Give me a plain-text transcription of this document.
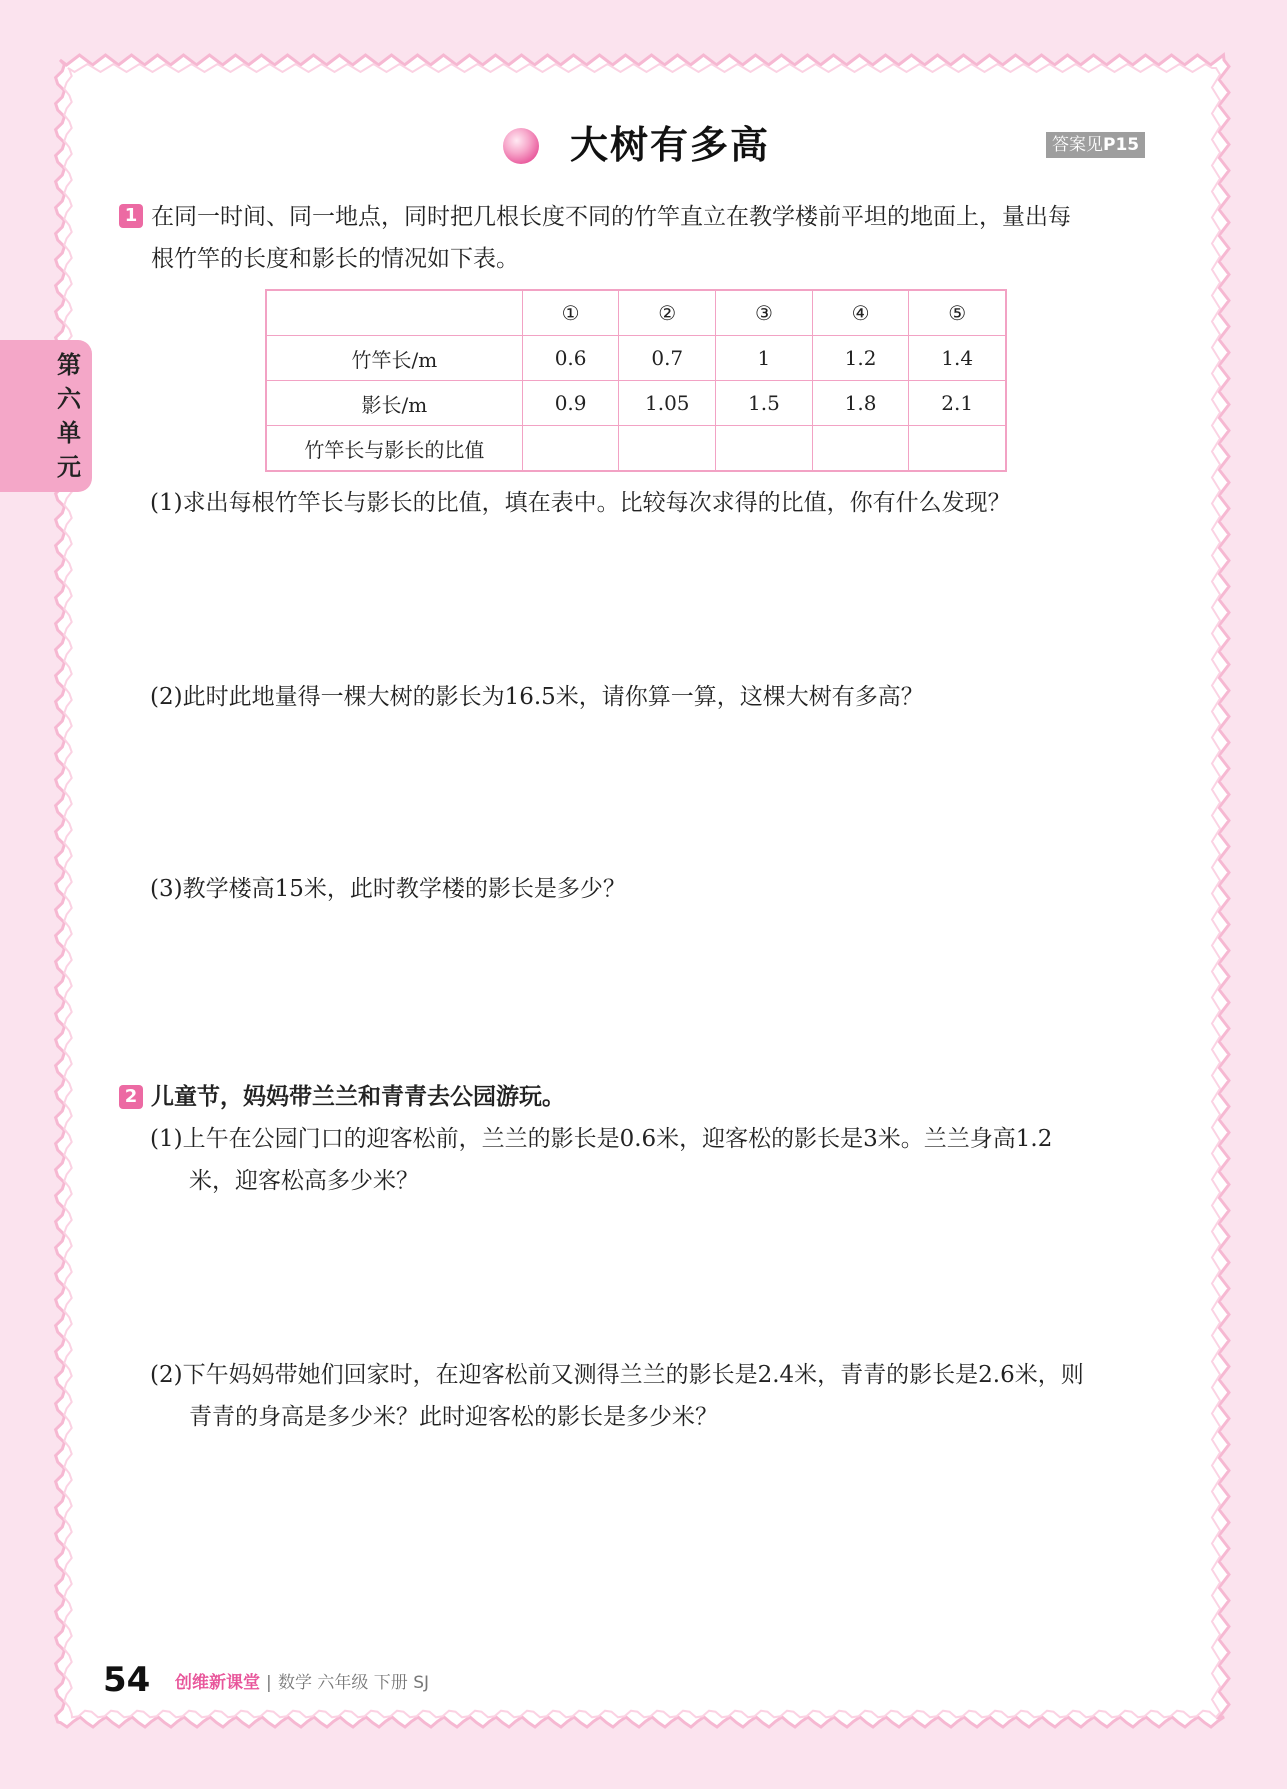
大树有多高	答案见P15
第六单元
1 在同一时间、同一地点，同时把几根长度不同的竹竿直立在教学楼前平坦的地面上，量出每
根竹竿的长度和影长的情况如下表。
	①	②	③	④	⑤
竹竿长/m	0.6	0.7	1	1.2	1.4
影长/m	0.9	1.05	1.5	1.8	2.1
竹竿长与影长的比值					
(1)求出每根竹竿长与影长的比值，填在表中。比较每次求得的比值，你有什么发现？
(2)此时此地量得一棵大树的影长为16.5米，请你算一算，这棵大树有多高？
(3)教学楼高15米，此时教学楼的影长是多少？
2 儿童节，妈妈带兰兰和青青去公园游玩。
(1)上午在公园门口的迎客松前，兰兰的影长是0.6米，迎客松的影长是3米。兰兰身高1.2
米，迎客松高多少米？
(2)下午妈妈带她们回家时，在迎客松前又测得兰兰的影长是2.4米，青青的影长是2.6米，则
青青的身高是多少米？此时迎客松的影长是多少米？
54 创维新课堂 | 数学 六年级 下册 SJ
